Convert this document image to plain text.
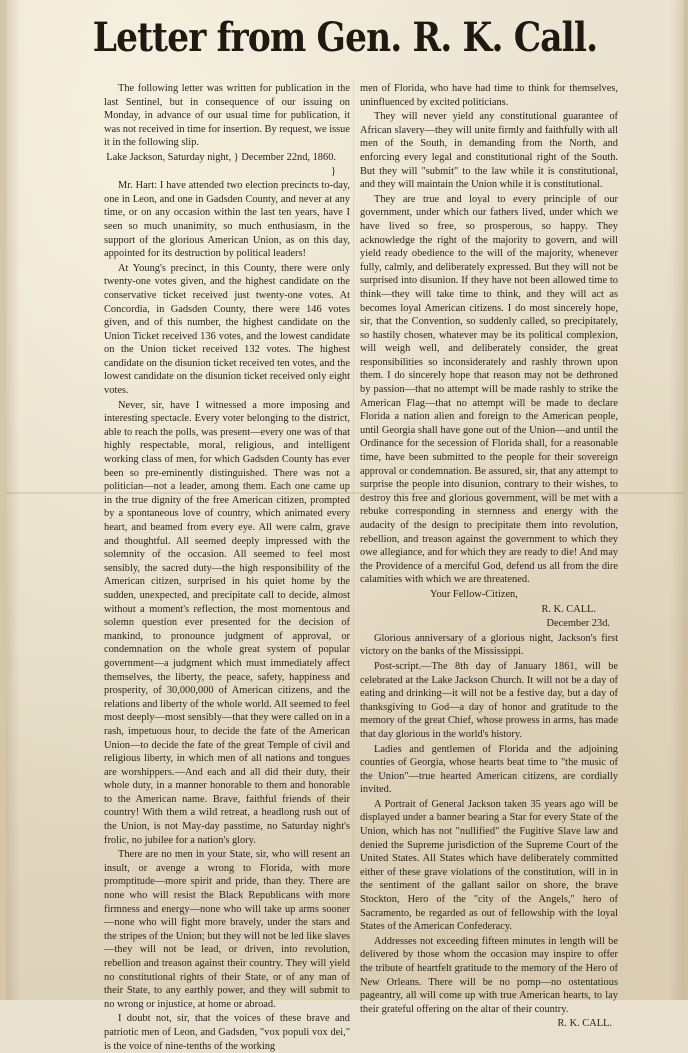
Letter from Gen. R. K. Call.

The following letter was written for publication in the last Sentinel, but in consequence of our issuing on Monday, in advance of our usual time for publication, it was not received in time for insertion. By request, we issue it in the following slip.

Lake Jackson, Saturday night, } December 22nd, 1860. }

Mr. Hart: I have attended two election precincts to-day, one in Leon, and one in Gadsden County, and never at any time, or on any occasion within the last ten years, have I seen so much unanimity, so much enthusiasm, in the support of the glorious American Union, as on this day, appointed for its destruction by political leaders!

At Young's precinct, in this County, there were only twenty-one votes given, and the highest candidate on the conservative ticket received just twenty-one votes. At Concordia, in Gadsden County, there were 146 votes given, and of this number, the highest candidate on the Union Ticket received 136 votes, and the lowest candidate on the Union ticket received 132 votes. The highest candidate on the disunion ticket received ten votes, and the lowest candidate on the disunion ticket received only eight votes.

Never, sir, have I witnessed a more imposing and interesting spectacle. Every voter belonging to the district, able to reach the polls, was present—every one was of that highly respectable, moral, religious, and intelligent working class of men, for which Gadsden County has ever been so pre-eminently distinguished. There was not a politician—not a leader, among them. Each one came up in the true dignity of the free American citizen, prompted by a spontaneous love of country, which animated every heart, and beamed from every eye. All were calm, grave and thoughtful. All seemed deeply impressed with the solemnity of the occasion. All seemed to feel most sensibly, the sacred duty—the high responsibility of the American citizen, surprised in his quiet home by the sudden, unexpected, and precipitate call to decide, almost without a moment's reflection, the most momentous and solemn question ever presented for the decision of mankind, to pronounce judgment of approval, or condemnation on the whole great system of popular government—a judgment which must immediately affect themselves, the liberty, the peace, safety, happiness and prosperity, of 30,000,000 of American citizens, and the relations and liberty of the whole world. All seemed to feel most deeply—most sensibly—that they were called on in a rash, impetuous hour, to decide the fate of the American Union—to decide the fate of the great Temple of civil and religious liberty, in which men of all nations and tongues are worshippers.—And each and all did their duty, their whole duty, in a manner honorable to them and honorable to the American name. Brave, faithful friends of their country! With them a wild retreat, a headlong rush out of the Union, is not May-day passtime, no Saturday night's frolic, no jubilee for a nation's glory.

There are no men in your State, sir, who will resent an insult, or avenge a wrong to Florida, with more promptitude—more spirit and pride, than they. There are none who will resist the Black Republicans with more firmness and energy—none who will take up arms sooner—none who will fight more bravely, under the stars and the stripes of the Union; but they will not be led like slaves—they will not be lead, or driven, into revolution, rebellion and treason against their country. They will yield no constitutional rights of their State, or of any man of their State, to any earthly power, and they will submit to no wrong or injustice, at home or abroad.

I doubt not, sir, that the voices of these brave and patriotic men of Leon, and Gadsden, "vox populi vox dei," is the voice of nine-tenths of the working

men of Florida, who have had time to think for themselves, uninfluenced by excited politicians.

They will never yield any constitutional guarantee of African slavery—they will unite firmly and faithfully with all men of the South, in demanding from the North, and enforcing every legal and constitutional right of the South. But they will "submit" to the law while it is constitutional, and they will maintain the Union while it is constitutional.

They are true and loyal to every principle of our government, under which our fathers lived, under which we have lived so free, so prosperous, so happy. They acknowledge the right of the majority to govern, and will yield ready obedience to the will of the majority, whenever fully, calmly, and deliberately expressed. But they will not be surprised into disunion. If they have not been allowed time to think—they will take time to think, and they will act as becomes loyal American citizens. I do most sincerely hope, sir, that the Convention, so suddenly called, so precipitately, so hastily chosen, whatever may be its political complexion, will weigh well, and deliberately consider, the great responsibilities so inconsiderately and rashly thrown upon them. I do sincerely hope that reason may not be dethroned by passion—that no attempt will be made rashly to strike the American Flag—that no attempt will be made to declare Florida a nation alien and foreign to the American people, until Georgia shall have gone out of the Union—and until the Ordinance for the secession of Florida shall, for a reasonable time, have been submitted to the people for their sovereign approval or condemnation. Be assured, sir, that any attempt to surprise the people into disunion, contrary to their wishes, to destroy this free and glorious government, will be met with a rebuke corresponding in sternness and energy with the audacity of the design to precipitate them into revolution, rebellion, and treason against the government to which they owe allegiance, and for which they are ready to die! And may the Providence of a merciful God, defend us all from the dire calamities with which we are threatened.

Your Fellow-Citizen,

R. K. CALL.

December 23d.

Glorious anniversary of a glorious night, Jackson's first victory on the banks of the Mississippi.

Post-script.—The 8th day of January 1861, will be celebrated at the Lake Jackson Church. It will not be a day of eating and drinking—it will not be a festive day, but a day of thanksgiving to God—a day of honor and gratitude to the memory of the great Chief, whose prowess in arms, has made that day glorious in the world's history.

Ladies and gentlemen of Florida and the adjoining counties of Georgia, whose hearts beat time to "the music of the Union"—true hearted American citizens, are cordially invited.

A Portrait of General Jackson taken 35 years ago will be displayed under a banner bearing a Star for every State of the Union, which has not "nullified" the Fugitive Slave law and denied the Supreme jurisdiction of the Supreme Court of the United States. All States which have deliberately committed either of these grave violations of the constitution, will in in the sentiment of the gallant sailor on shore, the brave Stockton, Hero of the "city of the Angels," hero of Sacramento, be regarded as out of fellowship with the loyal States of the American Confederacy.

Addresses not exceeding fifteen minutes in length will be delivered by those whom the occasion may inspire to offer the tribute of heartfelt gratitude to the memory of the Hero of New Orleans. There will be no pomp—no ostentatious pageantry, all will come up with true American hearts, to lay their grateful offering on the altar of their country.

R. K. CALL.
